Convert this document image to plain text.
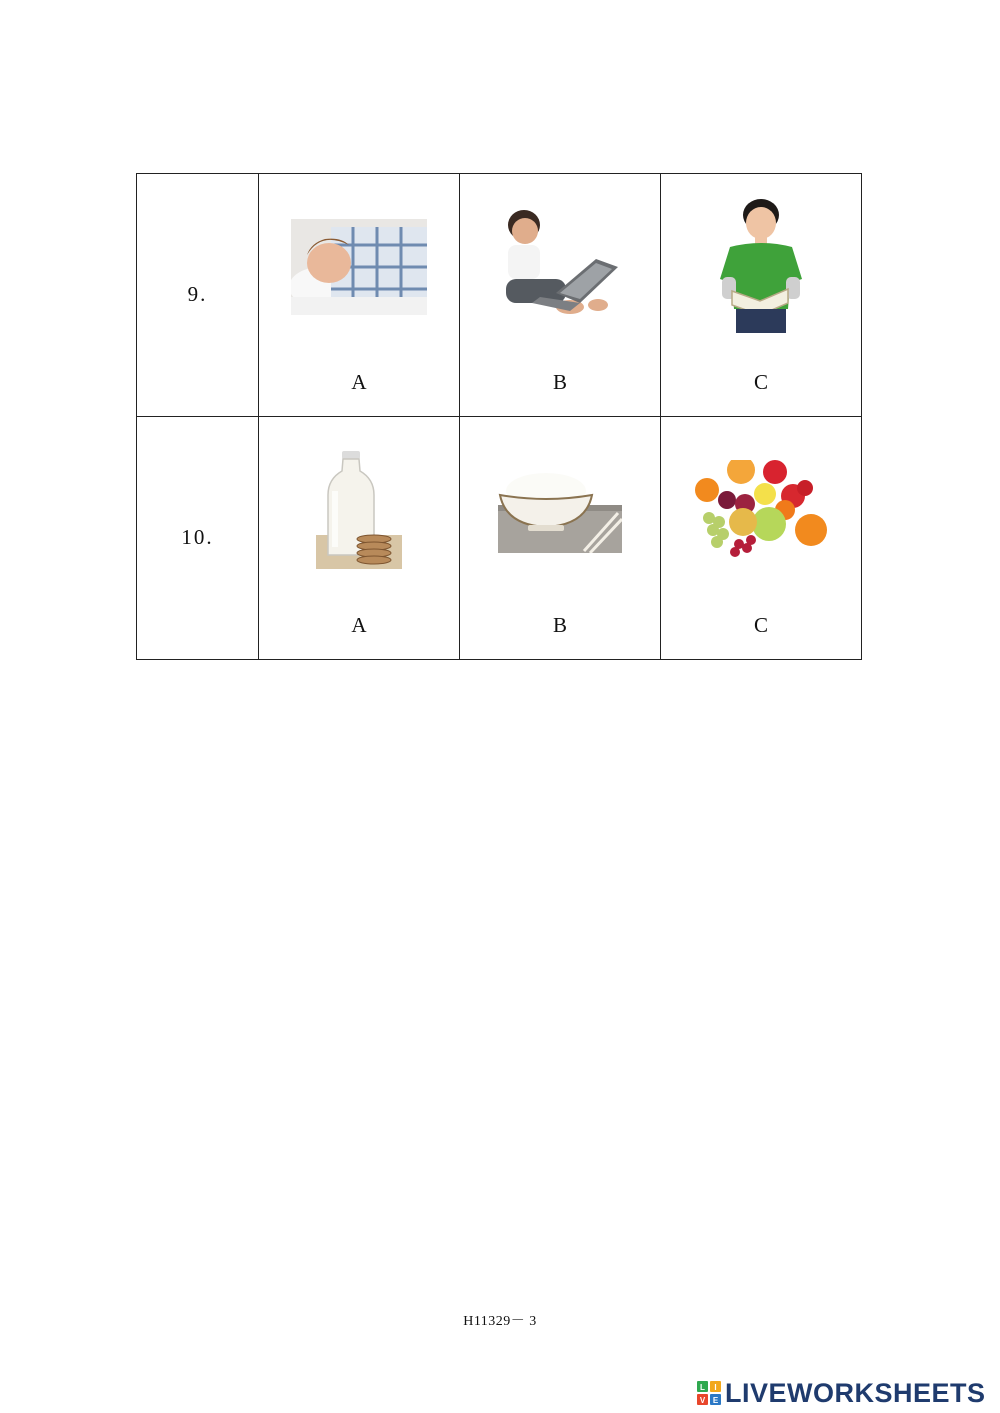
9.	A	B	C

10.	A	B	C
H11329－ 3
L I
V E LIVEWORKSHEETS
